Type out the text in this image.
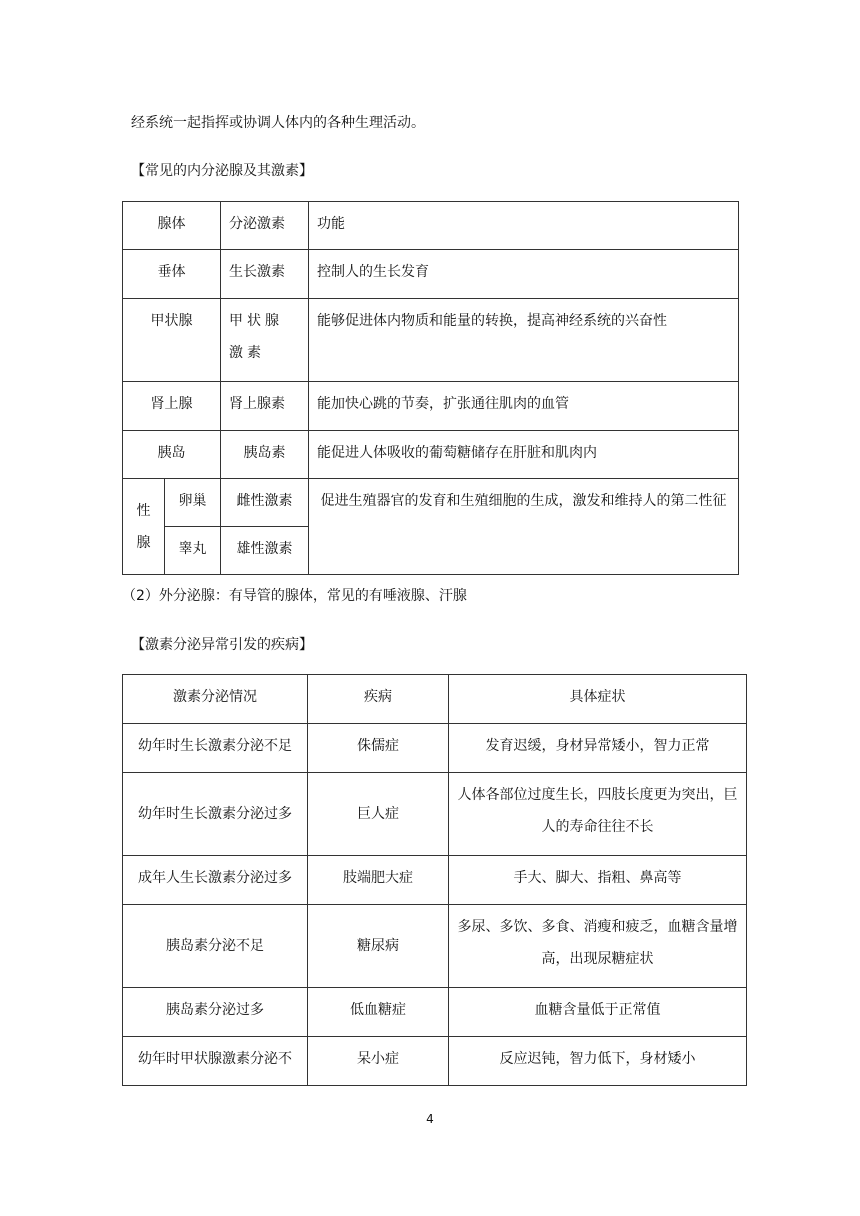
经系统一起指挥或协调人体内的各种生理活动。
【常见的内分泌腺及其激素】
腺体		分泌激素	功能
垂体		生长激素	控制人的生长发育
甲状腺		甲状腺激素	能够促进体内物质和能量的转换，提高神经系统的兴奋性
肾上腺		肾上腺素	能加快心跳的节奏，扩张通往肌肉的血管
胰岛		胰岛素	能促进人体吸收的葡萄糖储存在肝脏和肌肉内
性腺	卵巢	雌性激素	促进生殖器官的发育和生殖细胞的生成，激发和维持人的第二性征
	睾丸	雄性激素	
（2）外分泌腺：有导管的腺体，常见的有唾液腺、汗腺
【激素分泌异常引发的疾病】
激素分泌情况	疾病	具体症状
幼年时生长激素分泌不足	侏儒症	发育迟缓，身材异常矮小，智力正常
幼年时生长激素分泌过多	巨人症	人体各部位过度生长，四肢长度更为突出，巨人的寿命往往不长
成年人生长激素分泌过多	肢端肥大症	手大、脚大、指粗、鼻高等
胰岛素分泌不足	糖尿病	多尿、多饮、多食、消瘦和疲乏，血糖含量增高，出现尿糖症状
胰岛素分泌过多	低血糖症	血糖含量低于正常值
幼年时甲状腺激素分泌不	呆小症	反应迟钝，智力低下，身材矮小
4
